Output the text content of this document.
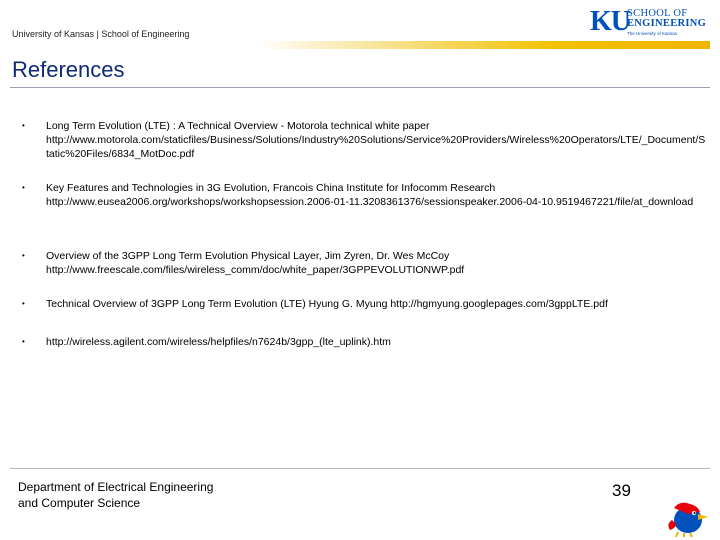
University of Kansas | School of Engineering	KU
SCHOOL OF
ENGINEERING
The University of Kansas
References
•	Long Term Evolution (LTE) : A Technical Overview - Motorola technical white paper
http://www.motorola.com/staticfiles/Business/Solutions/Industry%20Solutions/Service%20Providers/Wireless%20Operators/LTE/_Document/Static%20Files/6834_MotDoc.pdf
•	Key Features and Technologies in 3G Evolution, Francois China Institute for Infocomm Research
http://www.eusea2006.org/workshops/workshopsession.2006-01-11.3208361376/sessionspeaker.2006-04-10.9519467221/file/at_download
•	Overview of the 3GPP Long Term Evolution Physical Layer, Jim Zyren, Dr. Wes McCoy
http://www.freescale.com/files/wireless_comm/doc/white_paper/3GPPEVOLUTIONWP.pdf
•	Technical Overview of 3GPP Long Term Evolution (LTE) Hyung G. Myung http://hgmyung.googlepages.com/3gppLTE.pdf
•	http://wireless.agilent.com/wireless/helpfiles/n7624b/3gpp_(lte_uplink).htm
Department of Electrical Engineering
and Computer Science
39
